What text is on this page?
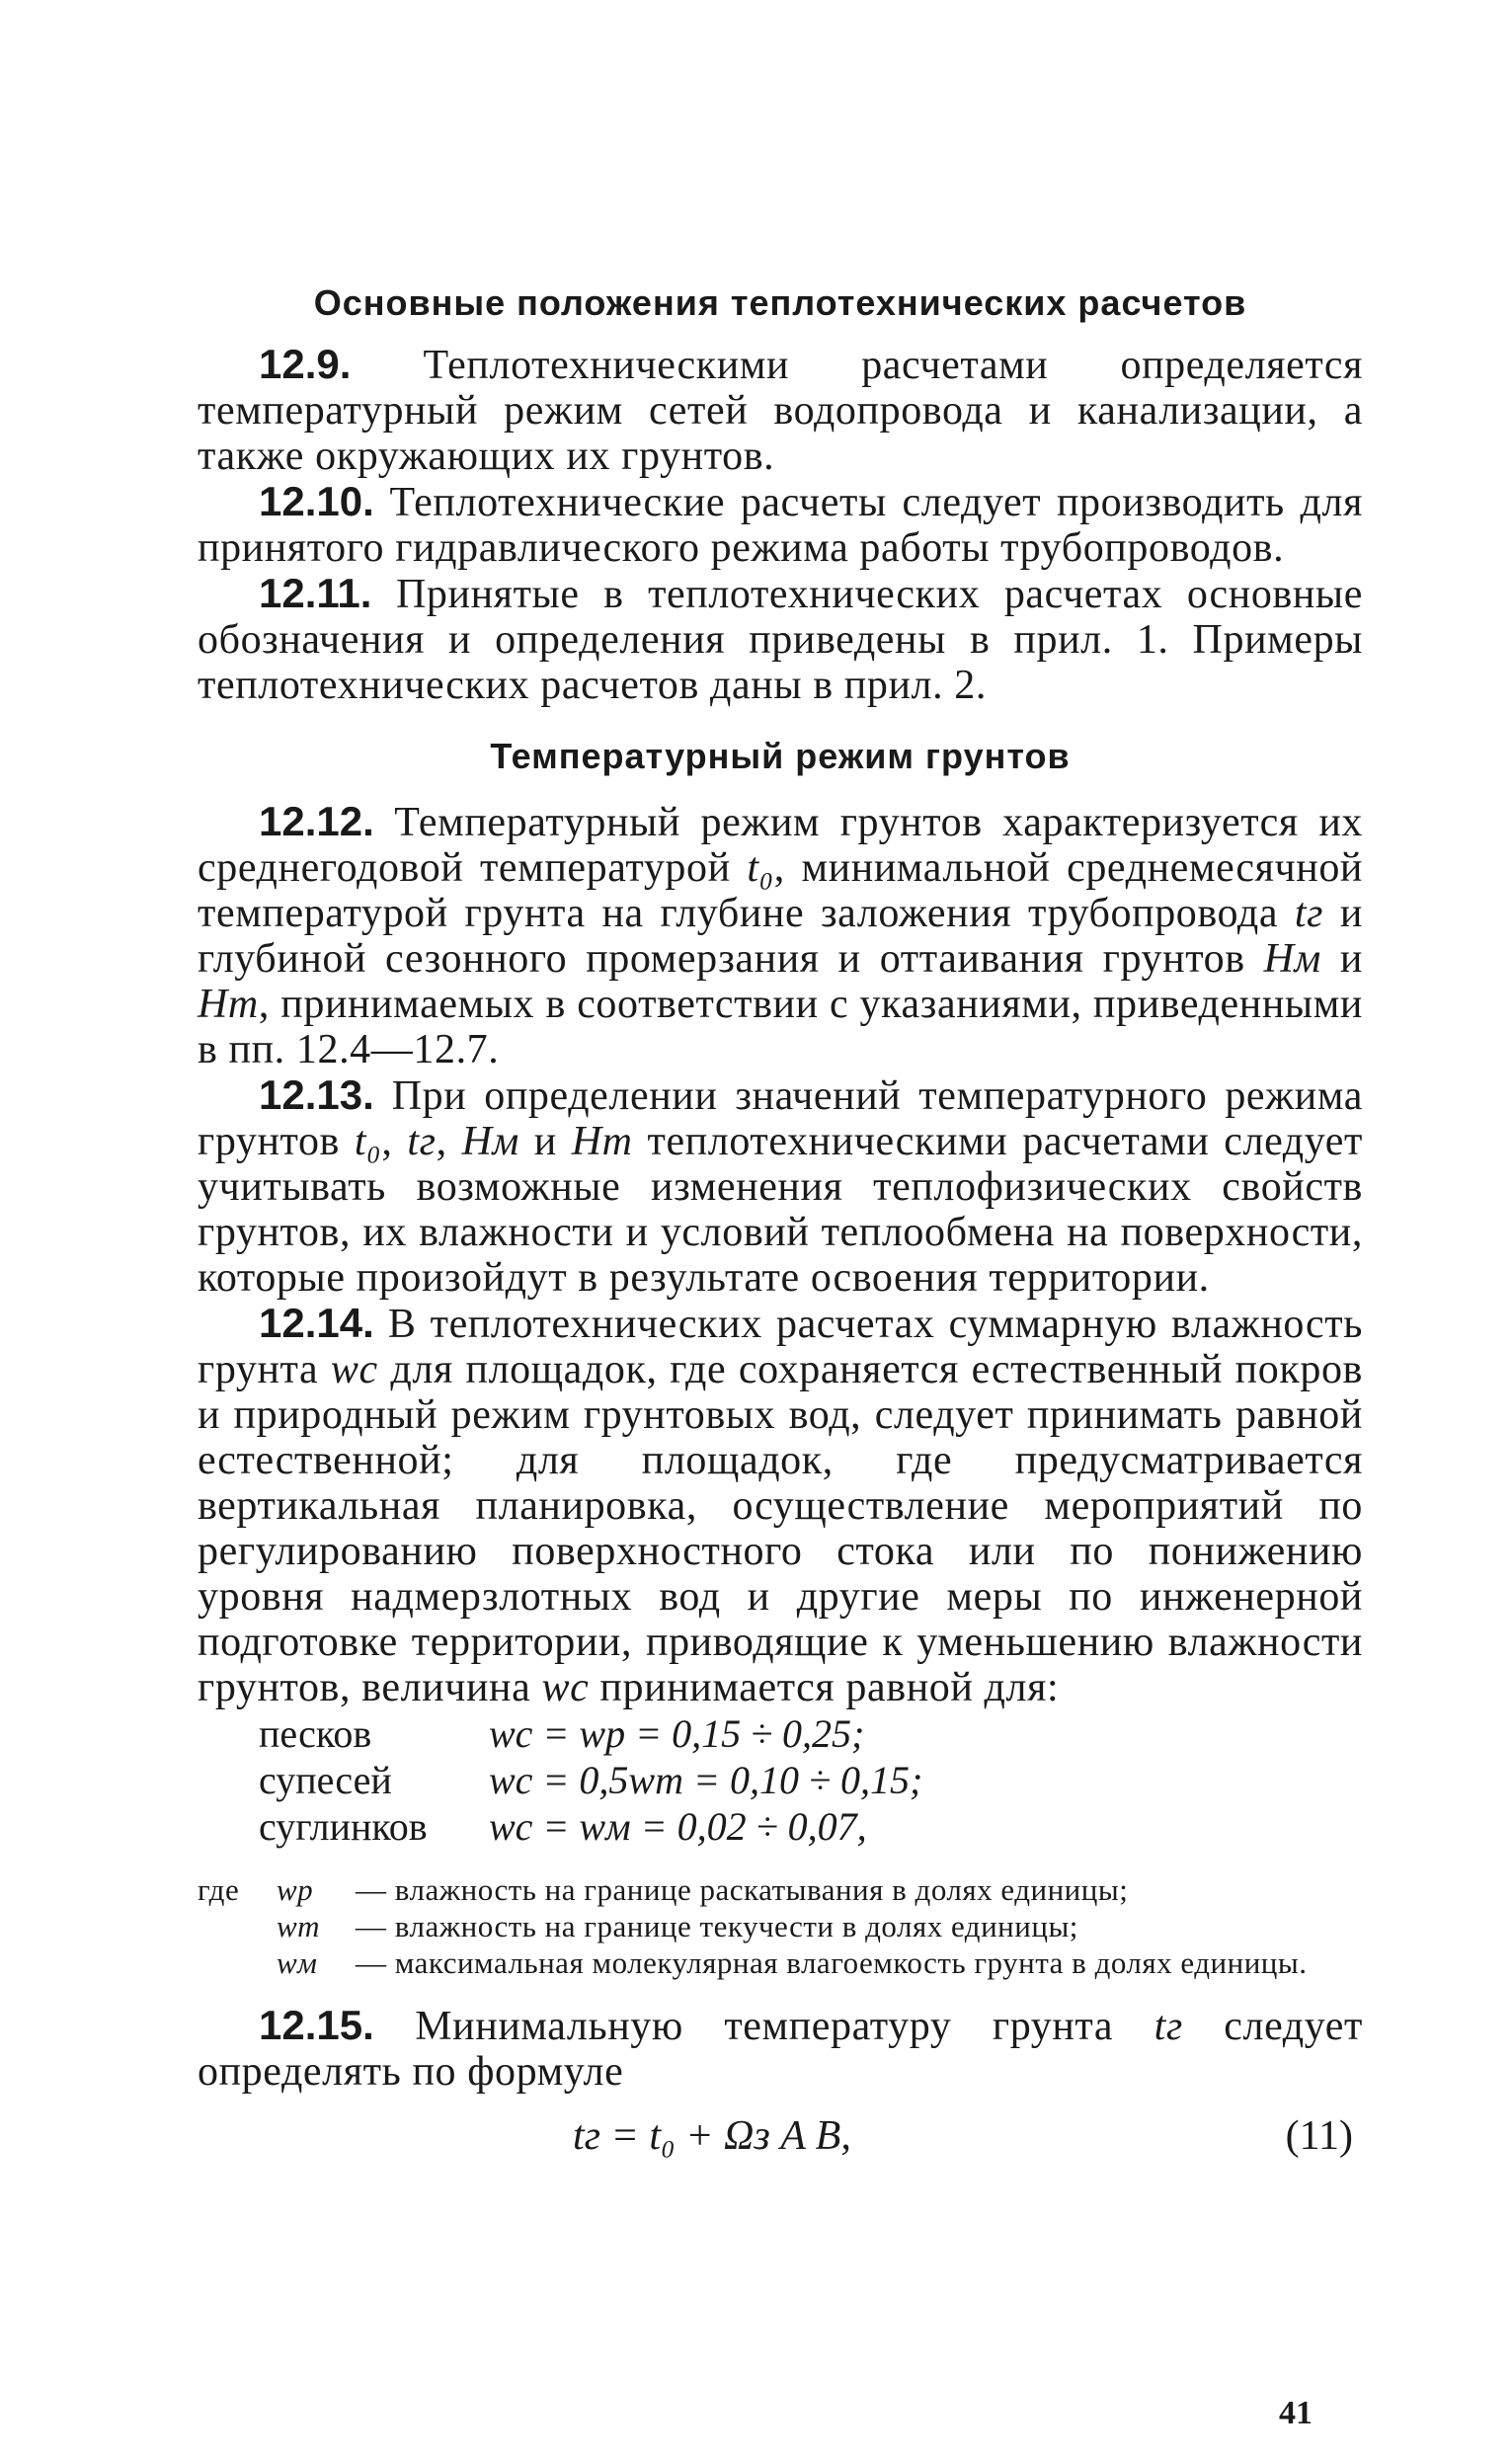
Основные положения теплотехнических расчетов

12.9. Теплотехническими расчетами определяется температурный режим сетей водопровода и канализации, а также окружающих их грунтов.

12.10. Теплотехнические расчеты следует производить для принятого гидравлического режима работы трубопроводов.

12.11. Принятые в теплотехнических расчетах основные обозначения и определения приведены в прил. 1. Примеры теплотехнических расчетов даны в прил. 2.

Температурный режим грунтов

12.12. Температурный режим грунтов характеризуется их среднегодовой температурой t₀, минимальной среднемесячной температурой грунта на глубине заложения трубопровода tг и глубиной сезонного промерзания и оттаивания грунтов Hм и Hт, принимаемых в соответствии с указаниями, приведенными в пп. 12.4—12.7.

12.13. При определении значений температурного режима грунтов t₀, tг, Hм и Hт теплотехническими расчетами следует учитывать возможные изменения теплофизических свойств грунтов, их влажности и условий теплообмена на поверхности, которые произойдут в результате освоения территории.

12.14. В теплотехнических расчетах суммарную влажность грунта wс для площадок, где сохраняется естественный покров и природный режим грунтовых вод, следует принимать равной естественной; для площадок, где предусматривается вертикальная планировка, осуществление мероприятий по регулированию поверхностного стока или по понижению уровня надмерзлотных вод и другие меры по инженерной подготовке территории, приводящие к уменьшению влажности грунтов, величина wс принимается равной для:

песков	wс = wр = 0,15 ÷ 0,25;
супесей	wс = 0,5wт = 0,10 ÷ 0,15;
суглинков	wс = wм = 0,02 ÷ 0,07,
где	wр	— влажность на границе раскатывания в долях единицы;
wт	— влажность на границе текучести в долях единицы;
wм	— максимальная молекулярная влагоемкость грунта в долях единицы.

12.15. Минимальную температуру грунта tг следует определять по формуле

tг = t₀ + Ωз A B,	(11)
41
